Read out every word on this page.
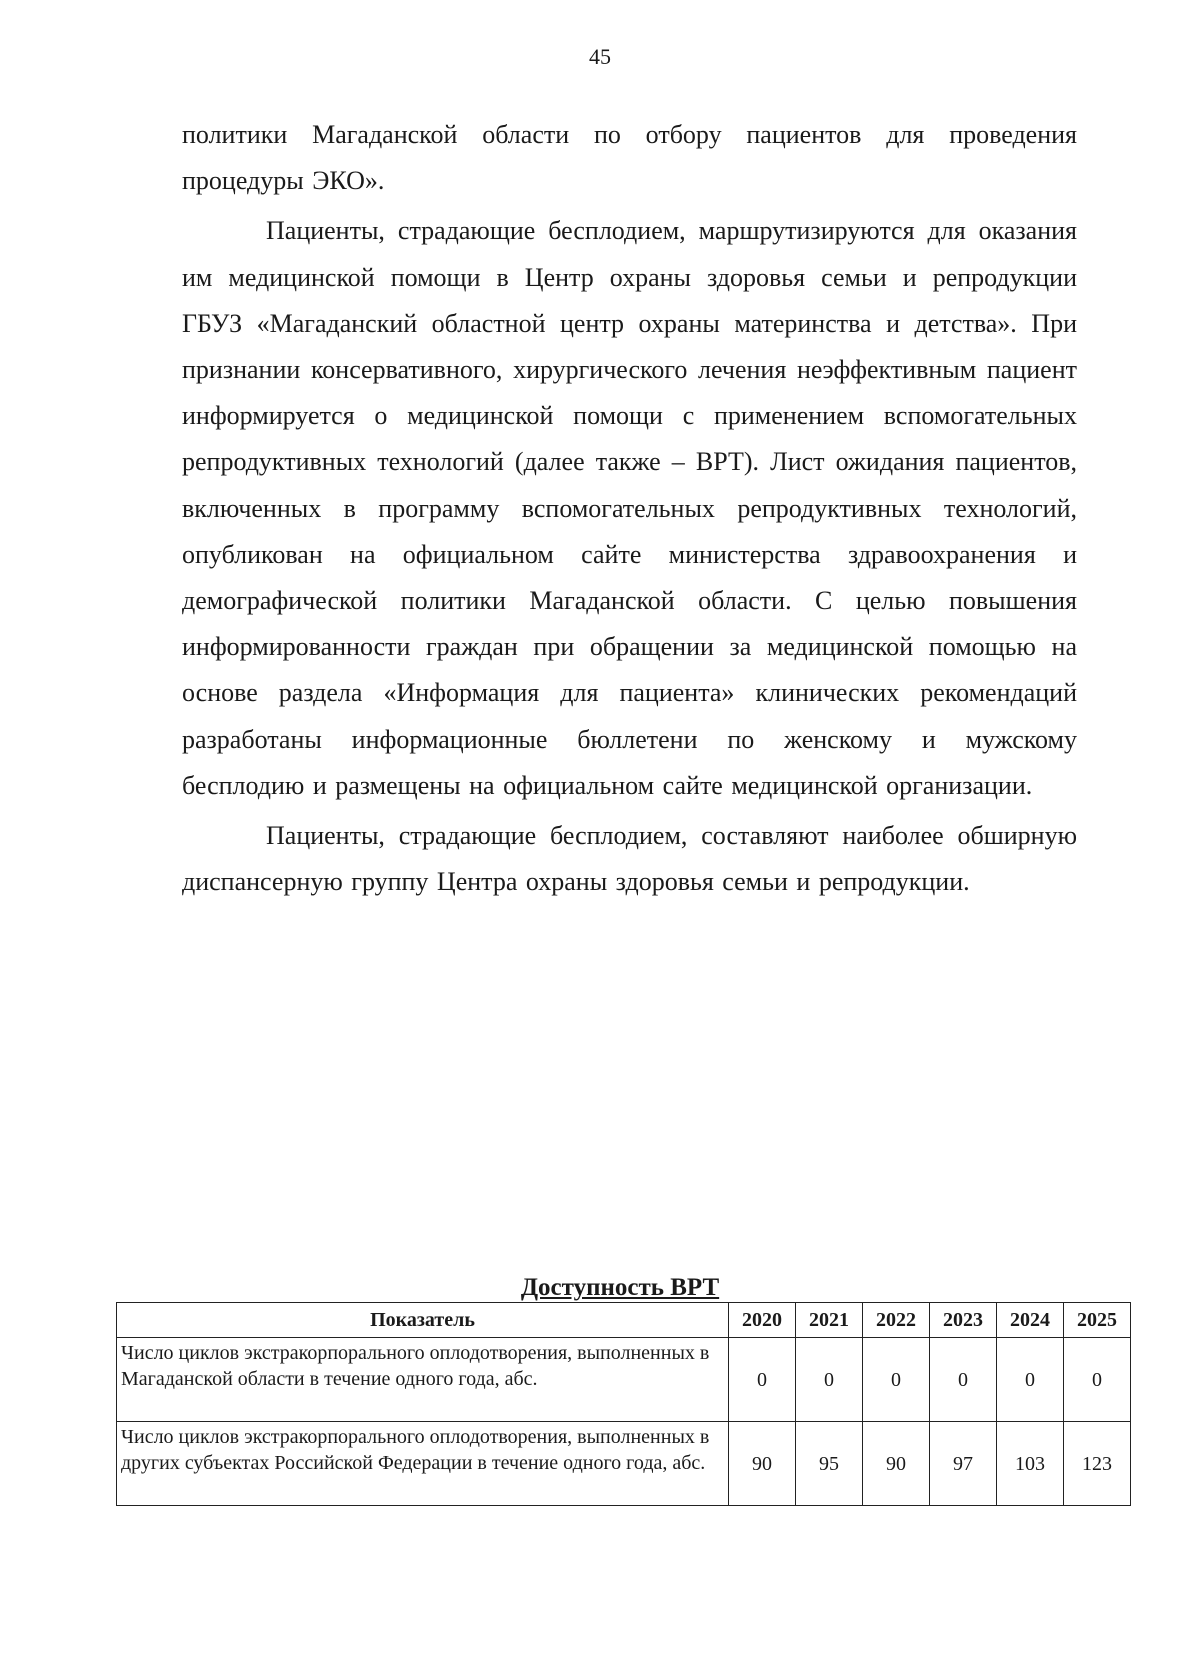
45

политики Магаданской области по отбору пациентов для проведения процедуры ЭКО».

Пациенты, страдающие бесплодием, маршрутизируются для оказания им медицинской помощи в Центр охраны здоровья семьи и репродукции ГБУЗ «Магаданский областной центр охраны материнства и детства». При признании консервативного, хирургического лечения неэффективным пациент информируется о медицинской помощи с применением вспомогательных репродуктивных технологий (далее также – ВРТ). Лист ожидания пациентов, включенных в программу вспомогательных репродуктивных технологий, опубликован на официальном сайте министерства здравоохранения и демографической политики Магаданской области. С целью повышения информированности граждан при обращении за медицинской помощью на основе раздела «Информация для пациента» клинических рекомендаций разработаны информационные бюллетени по женскому и мужскому бесплодию и размещены на официальном сайте медицинской организации.

Пациенты, страдающие бесплодием, составляют наиболее обширную диспансерную группу Центра охраны здоровья семьи и репродукции.

Доступность ВРТ
Показатель	2020	2021	2022	2023	2024	2025
Число циклов экстракорпорального оплодотворения, выполненных в Магаданской области в течение одного года, абс.	0	0	0	0	0	0
Число циклов экстракорпорального оплодотворения, выполненных в других субъектах Российской Федерации в течение одного года, абс.	90	95	90	97	103	123
